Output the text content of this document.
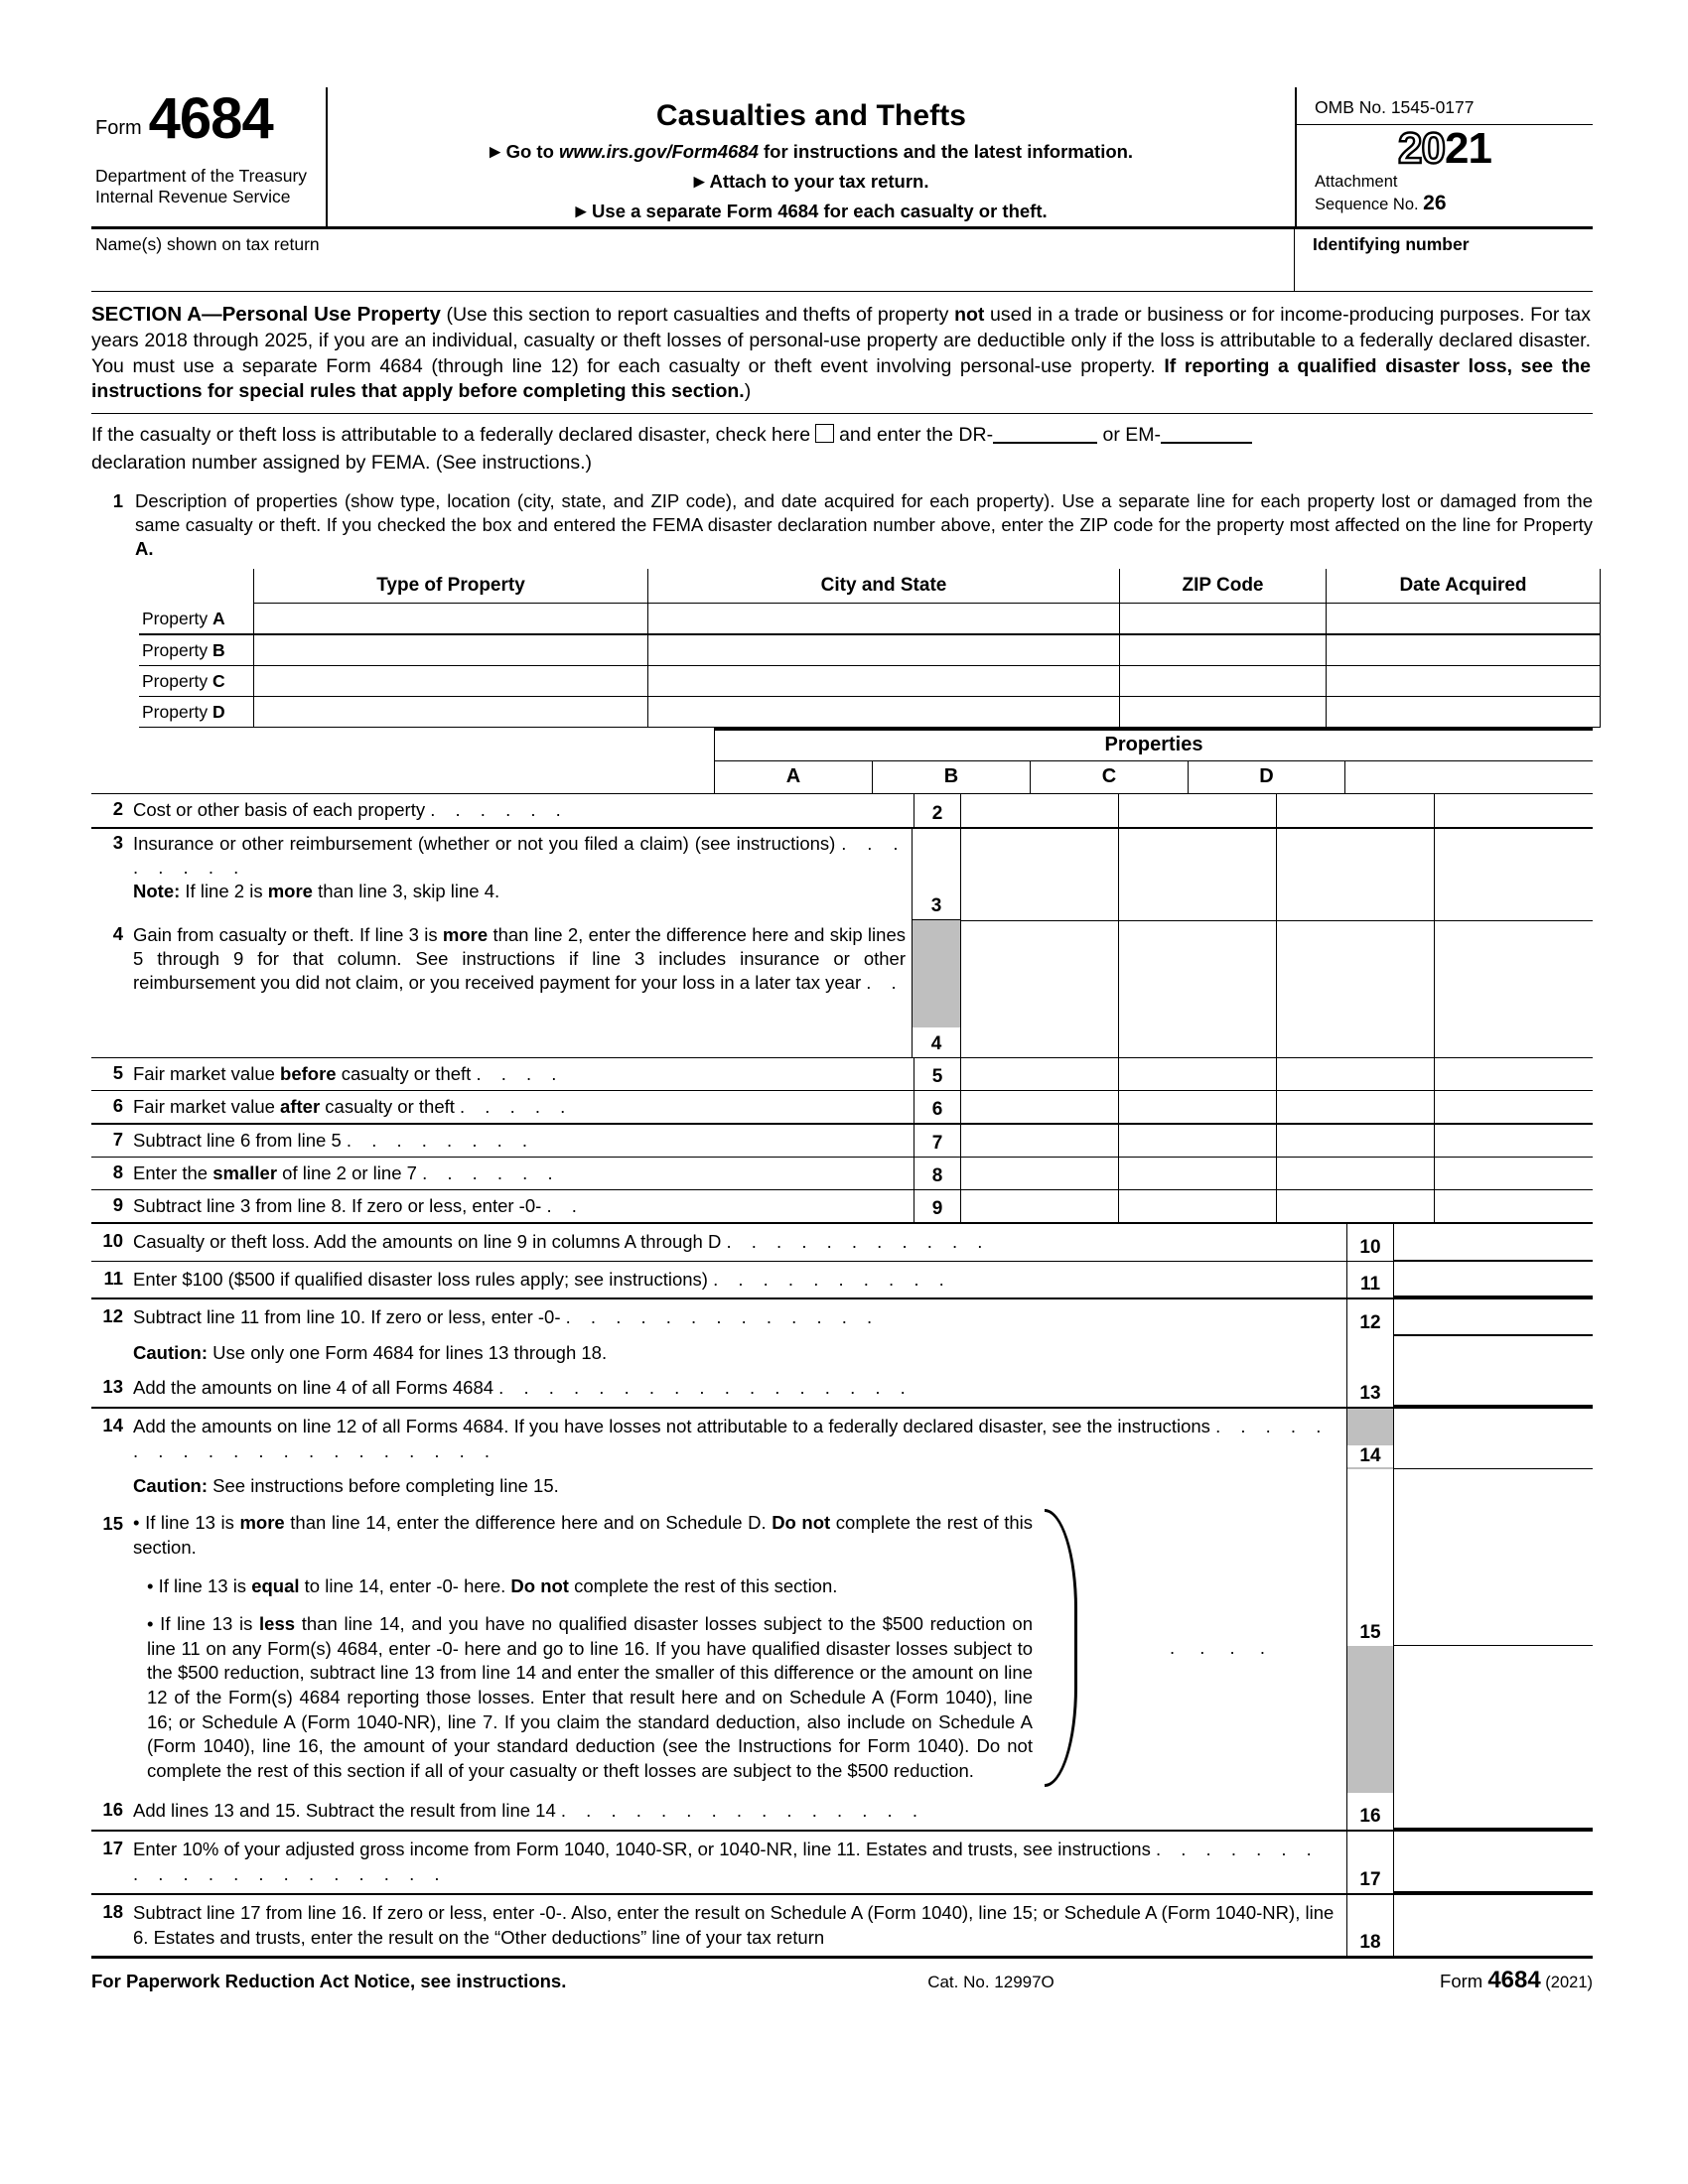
Form 4684
Department of the Treasury
Internal Revenue Service
Casualties and Thefts
▶ Go to www.irs.gov/Form4684 for instructions and the latest information.
▶ Attach to your tax return.
▶ Use a separate Form 4684 for each casualty or theft.
OMB No. 1545-0177
2021
Attachment
Sequence No. 26
Name(s) shown on tax return	Identifying number
SECTION A—Personal Use Property (Use this section to report casualties and thefts of property not used in a trade or business or for income-producing purposes. For tax years 2018 through 2025, if you are an individual, casualty or theft losses of personal-use property are deductible only if the loss is attributable to a federally declared disaster. You must use a separate Form 4684 (through line 12) for each casualty or theft event involving personal-use property. If reporting a qualified disaster loss, see the instructions for special rules that apply before completing this section.)
If the casualty or theft loss is attributable to a federally declared disaster, check here and enter the DR-	or EM-
declaration number assigned by FEMA. (See instructions.)
1 Description of properties (show type, location (city, state, and ZIP code), and date acquired for each property). Use a separate line for each property lost or damaged from the same casualty or theft. If you checked the box and entered the FEMA disaster declaration number above, enter the ZIP code for the property most affected on the line for Property A.
	Type of Property	City and State	ZIP Code	Date Acquired
Property A				
Property B				
Property C				
Property D				
Properties
A	B	C	D
2 Cost or other basis of each property . . . . . .	2
3 Insurance or other reimbursement (whether or not you filed a claim) (see instructions) . . . . . . . .
Note: If line 2 is more than line 3, skip line 4.
4 Gain from casualty or theft. If line 3 is more than line 2, enter the difference here and skip lines 5 through 9 for that column. See instructions if line 3 includes insurance or other reimbursement you did not claim, or you received payment for your loss in a later tax year . .
3
4
5 Fair market value before casualty or theft . . . .	5
6 Fair market value after casualty or theft . . . . .	6
7 Subtract line 6 from line 5 . . . . . . . .	7
8 Enter the smaller of line 2 or line 7 . . . . . .	8
9 Subtract line 3 from line 8. If zero or less, enter -0- . .	9
10 Casualty or theft loss. Add the amounts on line 9 in columns A through D . . . . . . . . . . .	10
11 Enter $100 ($500 if qualified disaster loss rules apply; see instructions) . . . . . . . . . .	11
12 Subtract line 11 from line 10. If zero or less, enter -0- . . . . . . . . . . . . .	12
Caution: Use only one Form 4684 for lines 13 through 18.
13 Add the amounts on line 4 of all Forms 4684 . . . . . . . . . . . . . . . . .	13
14 Add the amounts on line 12 of all Forms 4684. If you have losses not attributable to a federally declared disaster, see the instructions . . . . . . . . . . . . . . . . . . . .	14
Caution: See instructions before completing line 15.
15 • If line 13 is more than line 14, enter the difference here and on Schedule D. Do not complete the rest of this section.

• If line 13 is equal to line 14, enter -0- here. Do not complete the rest of this section.

• If line 13 is less than line 14, and you have no qualified disaster losses subject to the $500 reduction on line 11 on any Form(s) 4684, enter -0- here and go to line 16. If you have qualified disaster losses subject to the $500 reduction, subtract line 13 from line 14 and enter the smaller of this difference or the amount on line 12 of the Form(s) 4684 reporting those losses. Enter that result here and on Schedule A (Form 1040), line 16; or Schedule A (Form 1040-NR), line 7. If you claim the standard deduction, also include on Schedule A (Form 1040), line 16, the amount of your standard deduction (see the Instructions for Form 1040). Do not complete the rest of this section if all of your casualty or theft losses are subject to the $500 reduction.

. . . .
15
16 Add lines 13 and 15. Subtract the result from line 14 . . . . . . . . . . . . . . .	16
17 Enter 10% of your adjusted gross income from Form 1040, 1040-SR, or 1040-NR, line 11. Estates and trusts, see instructions . . . . . . . . . . . . . . . . . . . .	17
18 Subtract line 17 from line 16. If zero or less, enter -0-. Also, enter the result on Schedule A (Form 1040), line 15; or Schedule A (Form 1040-NR), line 6. Estates and trusts, enter the result on the “Other deductions” line of your tax return	18
For Paperwork Reduction Act Notice, see instructions.	Cat. No. 12997O	Form 4684 (2021)
